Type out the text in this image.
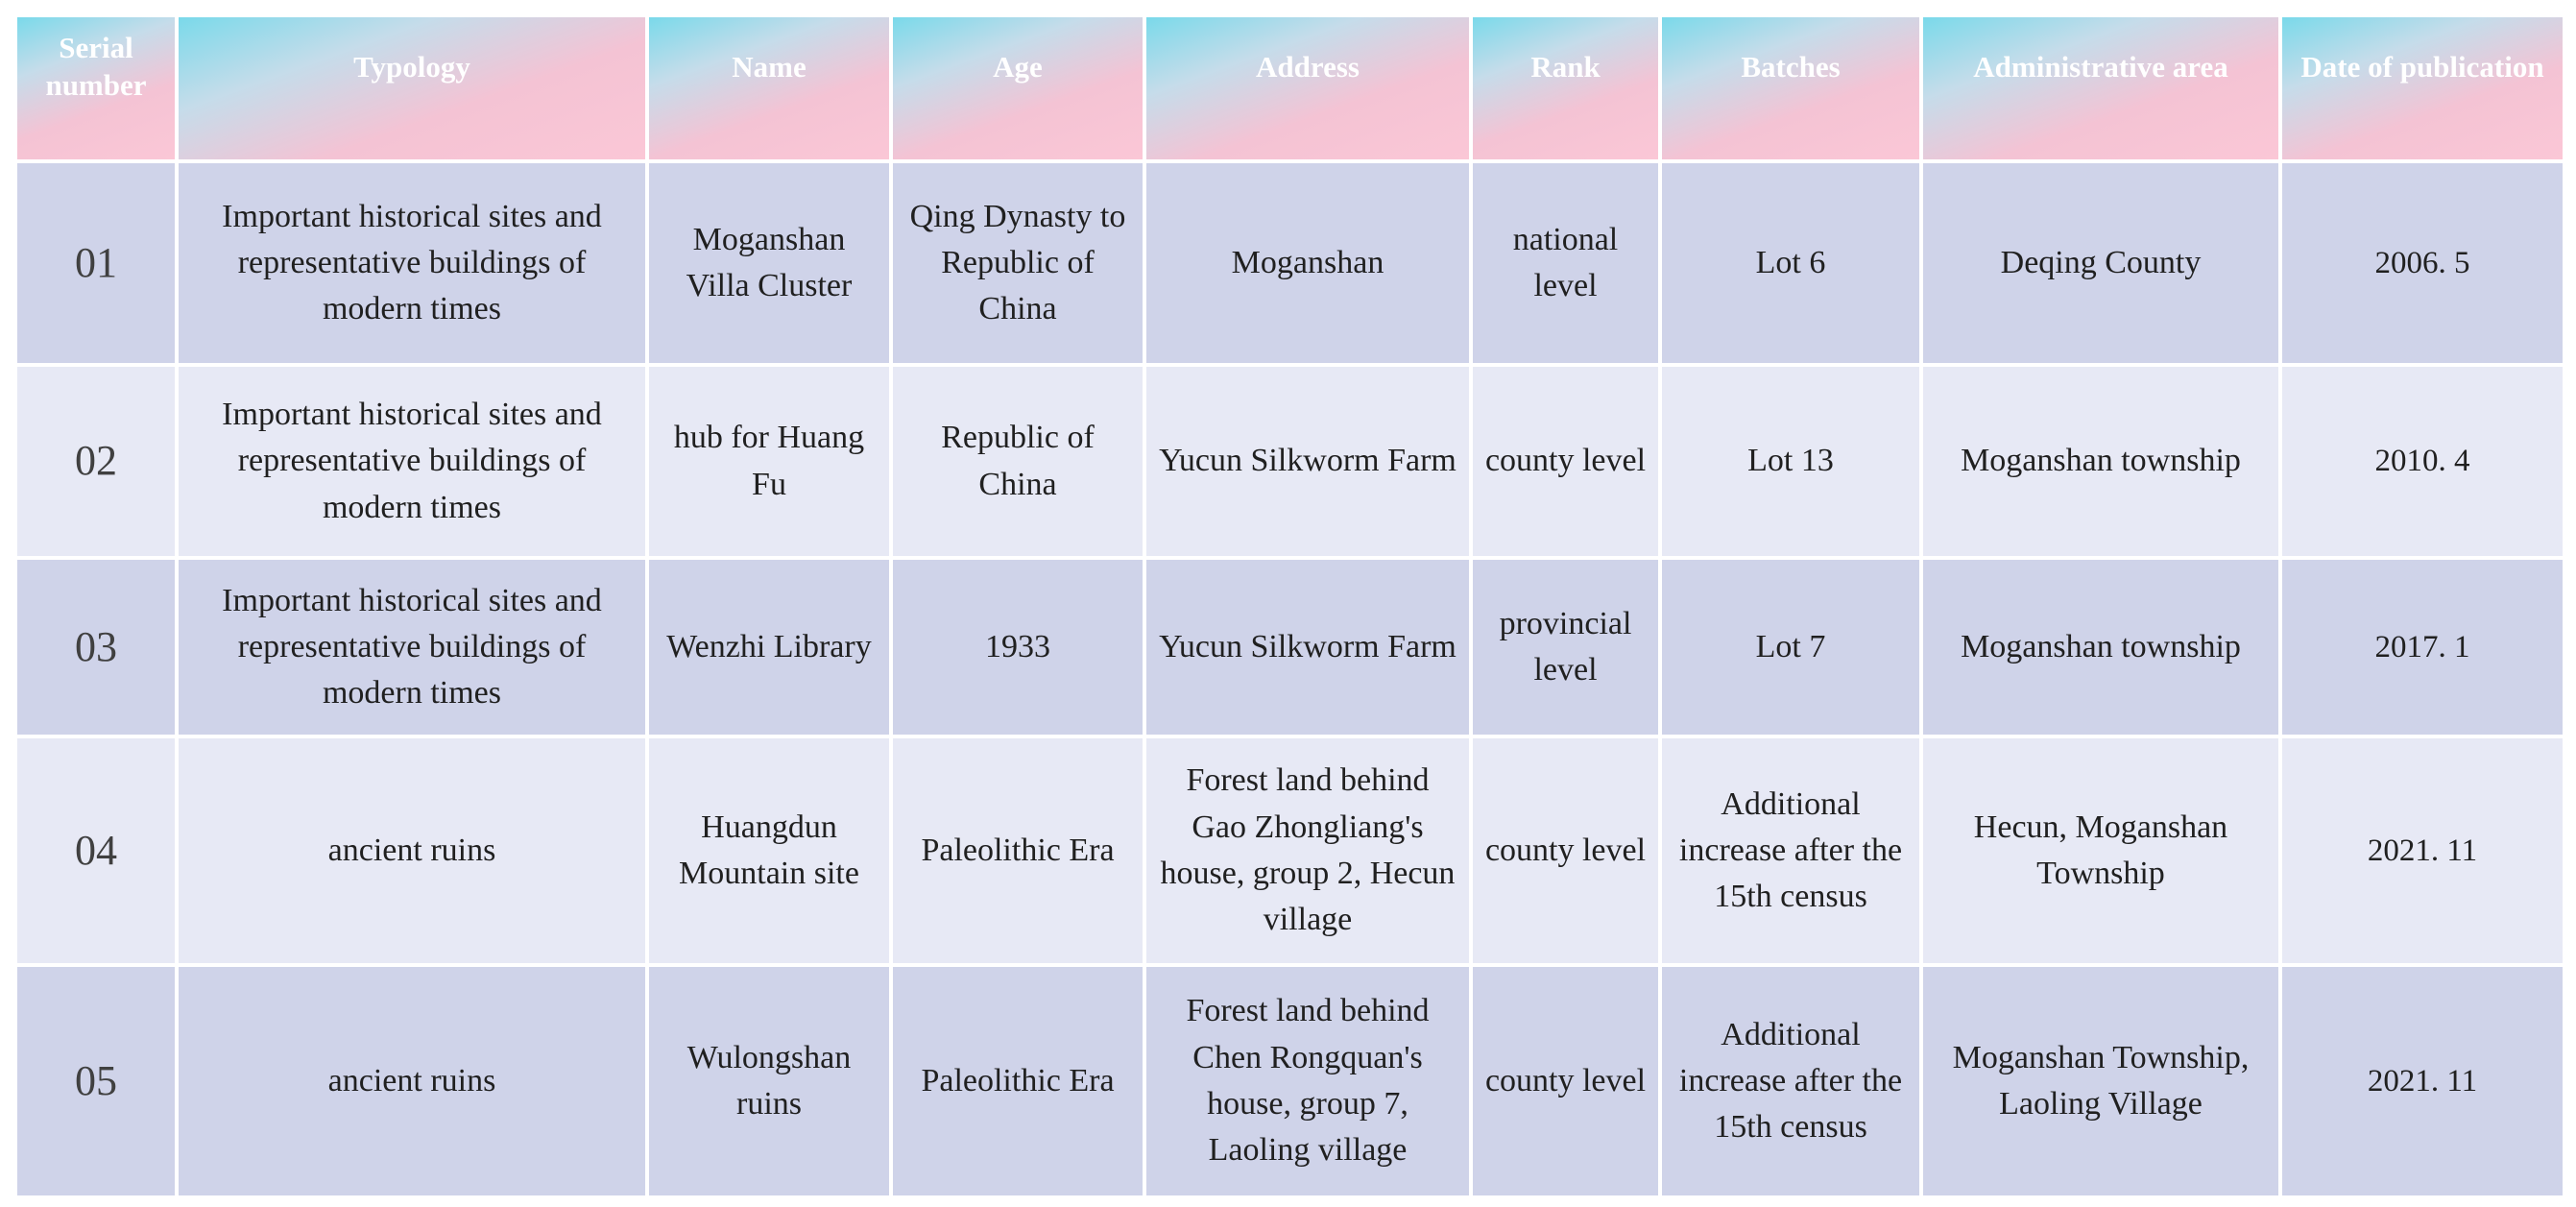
Serial number	Typology	Name	Age	Address	Rank	Batches	Administrative area	Date of publication
01	Important historical sites and representative buildings of modern times	Moganshan Villa Cluster	Qing Dynasty to Republic of China	Moganshan	national level	Lot 6	Deqing County	2006. 5
02	Important historical sites and representative buildings of modern times	hub for Huang Fu	Republic of China	Yucun Silkworm Farm	county level	Lot 13	Moganshan township	2010. 4
03	Important historical sites and representative buildings of modern times	Wenzhi Library	1933	Yucun Silkworm Farm	provincial level	Lot 7	Moganshan township	2017. 1
04	ancient ruins	Huangdun Mountain site	Paleolithic Era	Forest land behind Gao Zhongliang's house, group 2, Hecun village	county level	Additional increase after the 15th census	Hecun, Moganshan Township	2021. 11
05	ancient ruins	Wulongshan ruins	Paleolithic Era	Forest land behind Chen Rongquan's house, group 7, Laoling village	county level	Additional increase after the 15th census	Moganshan Township, Laoling Village	2021. 11
